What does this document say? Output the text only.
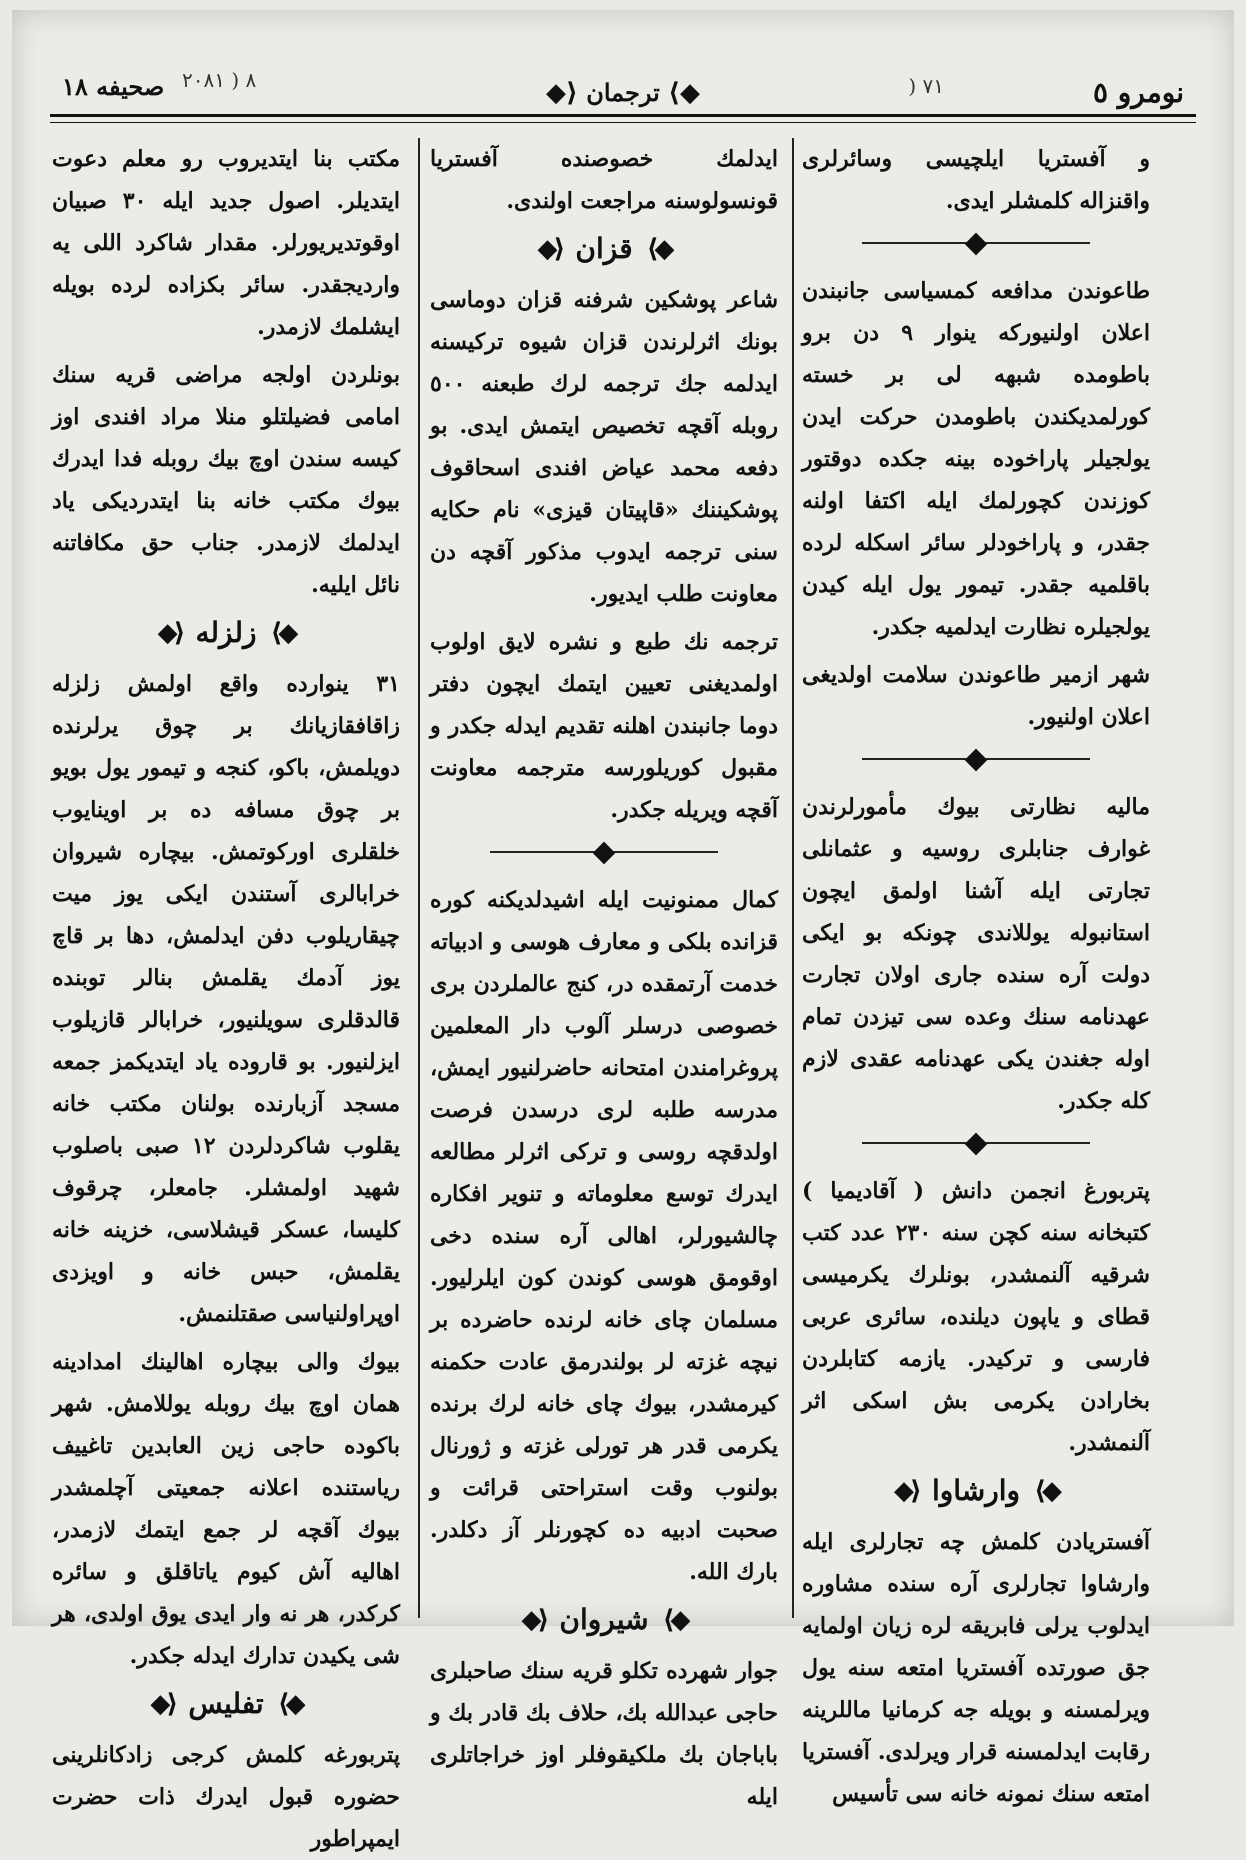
نومرو ٥
٧١ (
◆⟩ ترجمان ⟨◆
٨ ( ٢٠٨١
صحيفه ١٨

و آفستريا ايلچيسى وسائرلرى واقنزاله كلمشلر ايدى.

طاعوندن مدافعه كمسياسى جانبندن اعلان اولنيوركه ينوار ٩ دن برو باطومده شبهه لى بر خسته كورلمديكندن باطومدن حركت ايدن يولجيلر پاراخوده بينه جكده دوقتور كوزندن كچورلمك ايله اكتفا اولنه جقدر، و پاراخودلر سائر اسكله لرده باقلميه جقدر. تيمور يول ايله كيدن يولجيلره نظارت ايدلميه جكدر.

شهر ازمير طاعوندن سلامت اولديغى اعلان اولنيور.

ماليه نظارتى بيوك مأمورلرندن غوارف جنابلرى روسيه و عثمانلى تجارتى ايله آشنا اولمق ايچون استانبوله يوللاندى چونكه بو ايكى دولت آره سنده جارى اولان تجارت عهدنامه سنك وعده سى تيزدن تمام اوله جغندن يكى عهدنامه عقدى لازم كله جكدر.

پتربورغ انجمن دانش ( آقاديميا ) كتبخانه سنه كچن سنه ٢٣٠ عدد كتب شرقيه آلنمشدر، بونلرك يكرميسى قطاى و ياپون ديلنده، سائرى عربى فارسى و تركيدر. يازمه كتابلردن بخارادن يكرمى بش اسكى اثر آلنمشدر.

◆⟩
وارشاوا
⟨◆

آفستريادن كلمش چه تجارلرى ايله وارشاوا تجارلرى آره سنده مشاوره ايدلوب يرلى فابريقه لره زيان اولمايه جق صورتده آفستريا امتعه سنه يول ويرلمسنه و بويله جه كرمانيا ماللرينه رقابت ايدلمسنه قرار ويرلدى. آفستريا امتعه سنك نمونه خانه سى تأسيس

ايدلمك خصوصنده آفستريا قونسولوسنه مراجعت اولندى.

◆⟩
قزان
⟨◆

شاعر پوشكين شرفنه قزان دوماسى بونك اثرلرندن قزان شيوه تركيسنه ايدلمه جك ترجمه لرك طبعنه ٥٠٠ روبله آقچه تخصيص ايتمش ايدى. بو دفعه محمد عياض افندى اسحاقوف پوشكيننك «قاپيتان قيزى» نام حكايه سنى ترجمه ايدوب مذكور آقچه دن معاونت طلب ايديور.

ترجمه نك طبع و نشره لايق اولوب اولمديغنى تعيين ايتمك ايچون دفتر دوما جانبندن اهلنه تقديم ايدله جكدر و مقبول كوريلورسه مترجمه معاونت آقچه ويريله جكدر.

كمال ممنونيت ايله اشيدلديكنه كوره قزانده بلكى و معارف هوسى و ادبياته خدمت آرتمقده در، كنج عالملردن برى خصوصى درسلر آلوب دار المعلمين پروغرامندن امتحانه حاضرلنيور ايمش، مدرسه طلبه لرى درسدن فرصت اولدقچه روسى و تركى اثرلر مطالعه ايدرك توسع معلوماته و تنوير افكاره چالشيورلر، اهالى آره سنده دخى اوقومق هوسى كوندن كون ايلرليور. مسلمان چاى خانه لرنده حاضرده بر نيچه غزته لر بولندرمق عادت حكمنه كيرمشدر، بيوك چاى خانه لرك برنده يكرمى قدر هر تورلى غزته و ژورنال بولنوب وقت استراحتى قرائت و صحبت ادبيه ده كچورنلر آز دكلدر. بارك الله.

◆⟩
شيروان
⟨◆

جوار شهرده تكلو قريه سنك صاحبلرى حاجى عبدالله بك، حلاف بك قادر بك و باباجان بك ملكيقوفلر اوز خراجاتلرى ايله

مكتب بنا ايتديروب رو معلم دعوت ايتديلر. اصول جديد ايله ٣٠ صبيان اوقوتديريورلر. مقدار شاكرد اللى يه وارديجقدر. سائر بكزاده لرده بويله ايشلمك لازمدر.

بونلردن اولجه مراضى قريه سنك امامى فضيلتلو منلا مراد افندى اوز كيسه سندن اوچ بيك روبله فدا ايدرك بيوك مكتب خانه بنا ايتدرديكى ياد ايدلمك لازمدر. جناب حق مكافاتنه نائل ايليه.

◆⟩
زلزله
⟨◆

٣١ ينوارده واقع اولمش زلزله زاقافقازيانك بر چوق يرلرنده دويلمش، باكو، كنجه و تيمور يول بويو بر چوق مسافه ده بر اوينايوب خلقلرى اوركوتمش. بيچاره شيروان خرابالرى آستندن ايكى يوز ميت چيقاريلوب دفن ايدلمش، دها بر قاچ يوز آدمك يقلمش بنالر توبنده قالدقلرى سويلنيور، خرابالر قازيلوب ايزلنيور. بو قاروده ياد ايتديكمز جمعه مسجد آزبارنده بولنان مكتب خانه يقلوب شاكردلردن ١٢ صبى باصلوب شهيد اولمشلر. جامعلر، چرقوف كليسا، عسكر قيشلاسى، خزينه خانه يقلمش، حبس خانه و اويزدى اوپراولنياسى صقتلنمش.

بيوك والى بيچاره اهالينك امدادينه همان اوچ بيك روبله يوللامش. شهر باكوده حاجى زين العابدين تاغييف رياستنده اعلانه جمعيتى آچلمشدر بيوك آقچه لر جمع ايتمك لازمدر، اهاليه آش كيوم ياتاقلق و سائره كركدر، هر نه وار ايدى يوق اولدى، هر شى يكيدن تدارك ايدله جكدر.

◆⟩
تفليس
⟨◆

پتربورغه كلمش كرجى زادكانلرينى حضوره قبول ايدرك ذات حضرت ايمپراطور
